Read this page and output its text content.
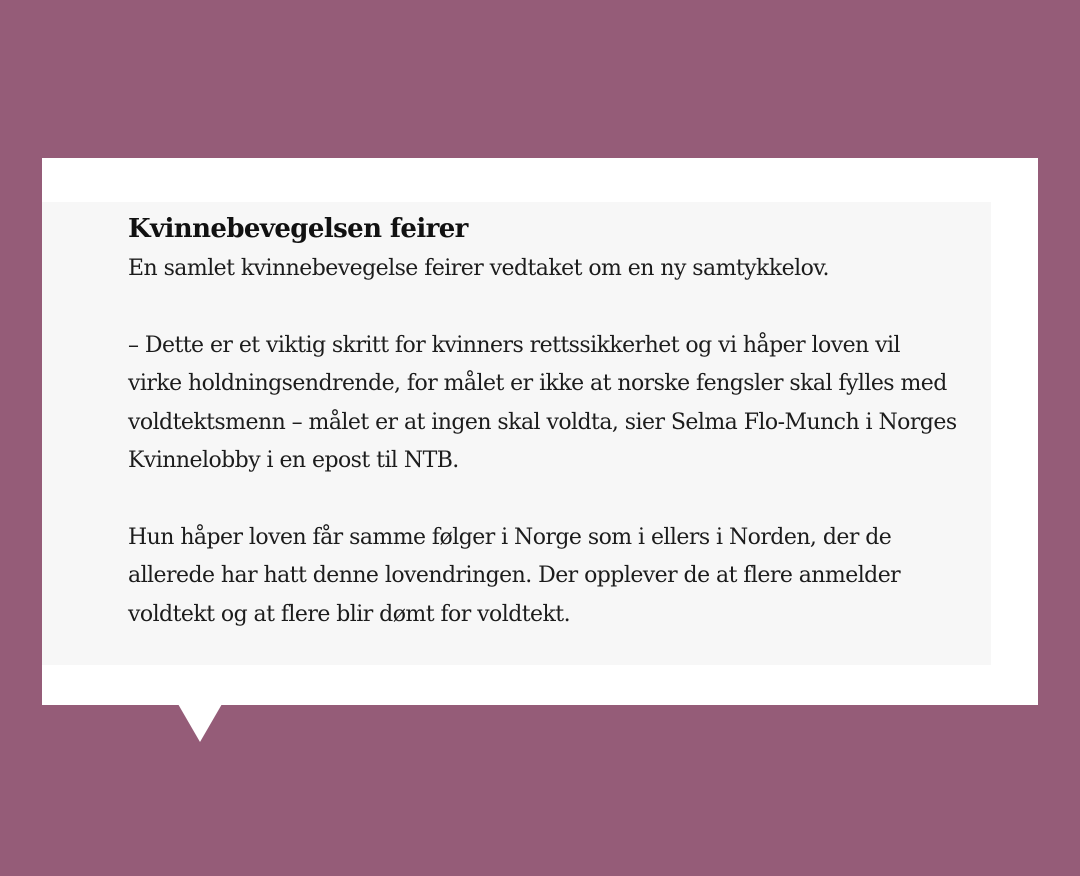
Kvinnebevegelsen feirer

En samlet kvinnebevegelse feirer vedtaket om en ny samtykkelov.

– Dette er et viktig skritt for kvinners rettssikkerhet og vi håper loven vil virke holdningsendrende, for målet er ikke at norske fengsler skal fylles med voldtektsmenn – målet er at ingen skal voldta, sier Selma Flo-Munch i Norges Kvinnelobby i en epost til NTB.

Hun håper loven får samme følger i Norge som i ellers i Norden, der de allerede har hatt denne lovendringen. Der opplever de at flere anmelder voldtekt og at flere blir dømt for voldtekt.
